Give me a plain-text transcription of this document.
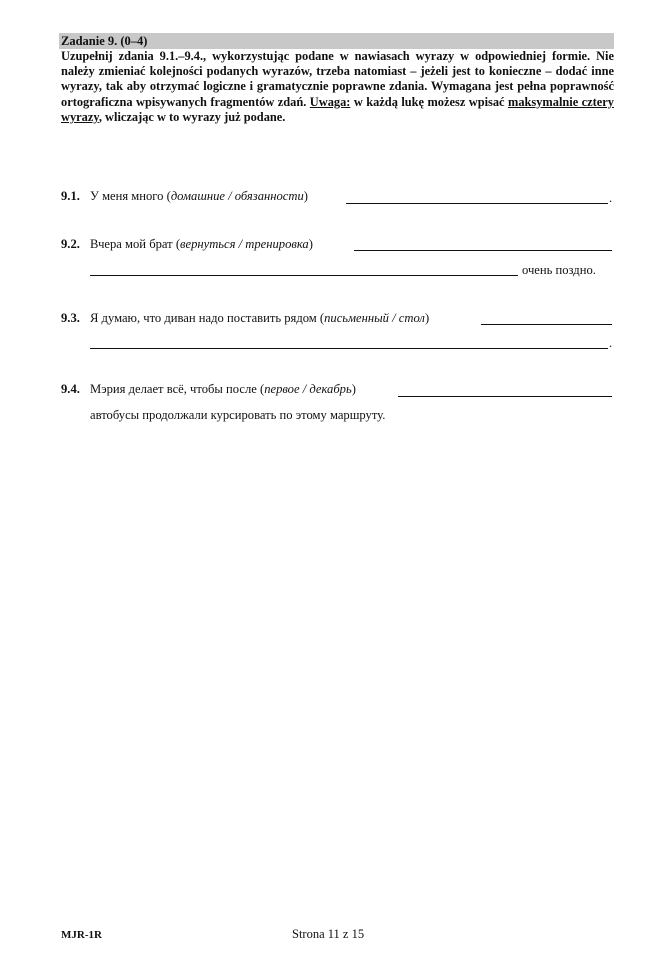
Zadanie 9. (0–4)
Uzupełnij zdania 9.1.–9.4., wykorzystując podane w nawiasach wyrazy w odpowiedniej formie. Nie należy zmieniać kolejności podanych wyrazów, trzeba natomiast – jeżeli jest to konieczne – dodać inne wyrazy, tak aby otrzymać logiczne i gramatycznie poprawne zdania. Wymagana jest pełna poprawność ortograficzna wpisywanych fragmentów zdań. Uwaga: w każdą lukę możesz wpisać maksymalnie cztery wyrazy, wliczając w to wyrazy już podane.
9.1. У меня много (домашние / обязанности)	.
9.2. Вчера мой брат (вернуться / тренировка)
очень поздно.
9.3. Я думаю, что диван надо поставить рядом (письменный / стол)
.
9.4. Мэрия делает всё, чтобы после (первое / декабрь)
автобусы продолжали курсировать по этому маршруту.
MJR-1R	Strona 11 z 15
